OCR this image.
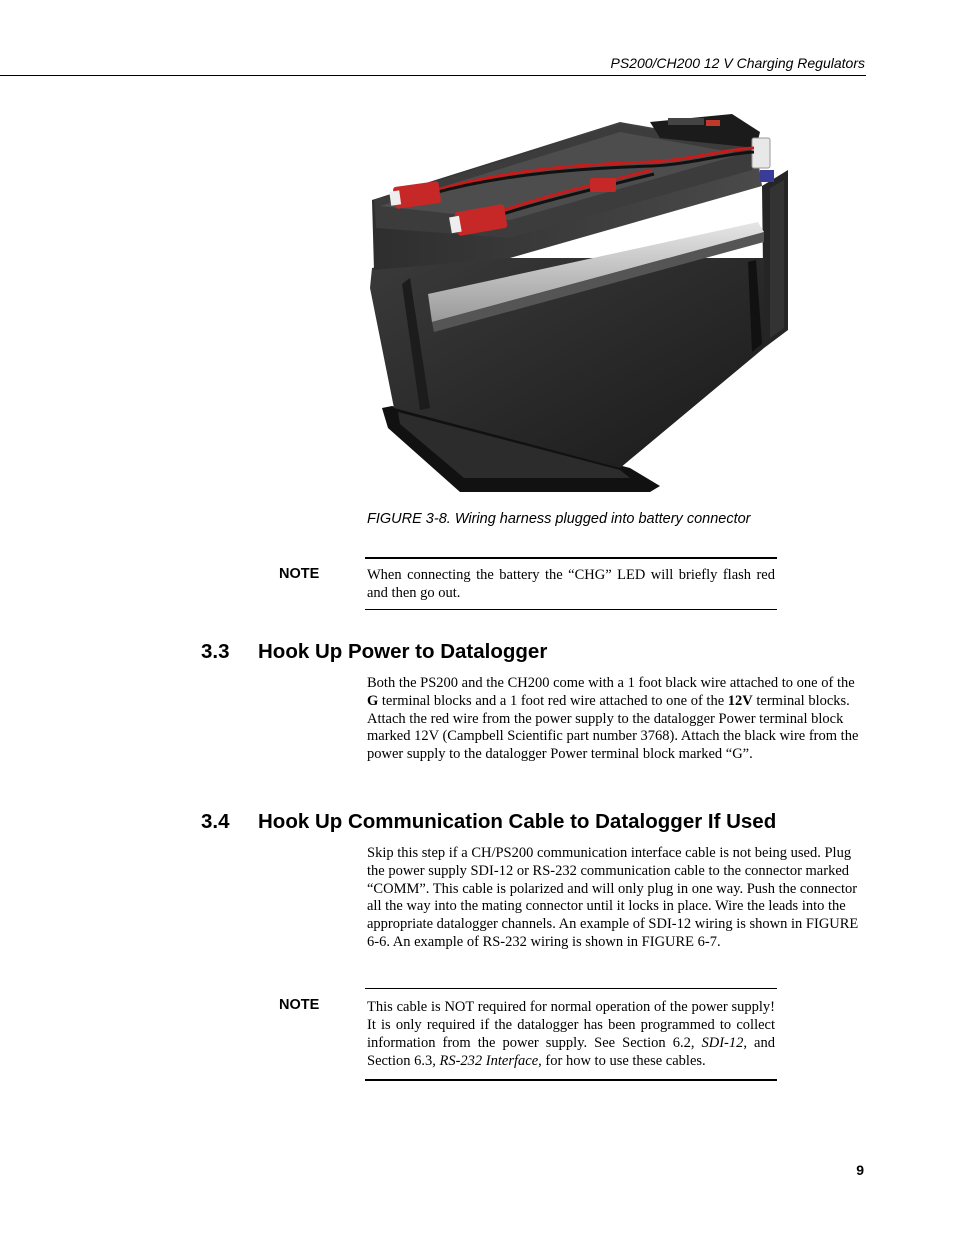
PS200/CH200 12 V Charging Regulators
FIGURE 3-8. Wiring harness plugged into battery connector
NOTE	When connecting the battery the “CHG” LED will briefly flash red and then go out.
3.3 Hook Up Power to Datalogger

Both the PS200 and the CH200 come with a 1 foot black wire attached to one of the G terminal blocks and a 1 foot red wire attached to one of the 12V terminal blocks. Attach the red wire from the power supply to the datalogger Power terminal block marked 12V (Campbell Scientific part number 3768). Attach the black wire from the power supply to the datalogger Power terminal block marked “G”.

3.4 Hook Up Communication Cable to Datalogger If Used

Skip this step if a CH/PS200 communication interface cable is not being used. Plug the power supply SDI-12 or RS-232 communication cable to the connector marked “COMM”. This cable is polarized and will only plug in one way. Push the connector all the way into the mating connector until it locks in place. Wire the leads into the appropriate datalogger channels. An example of SDI-12 wiring is shown in FIGURE 6-6. An example of RS-232 wiring is shown in FIGURE 6-7.

NOTE	This cable is NOT required for normal operation of the power supply! It is only required if the datalogger has been programmed to collect information from the power supply. See Section 6.2, SDI-12, and Section 6.3, RS-232 Interface, for how to use these cables.
9
